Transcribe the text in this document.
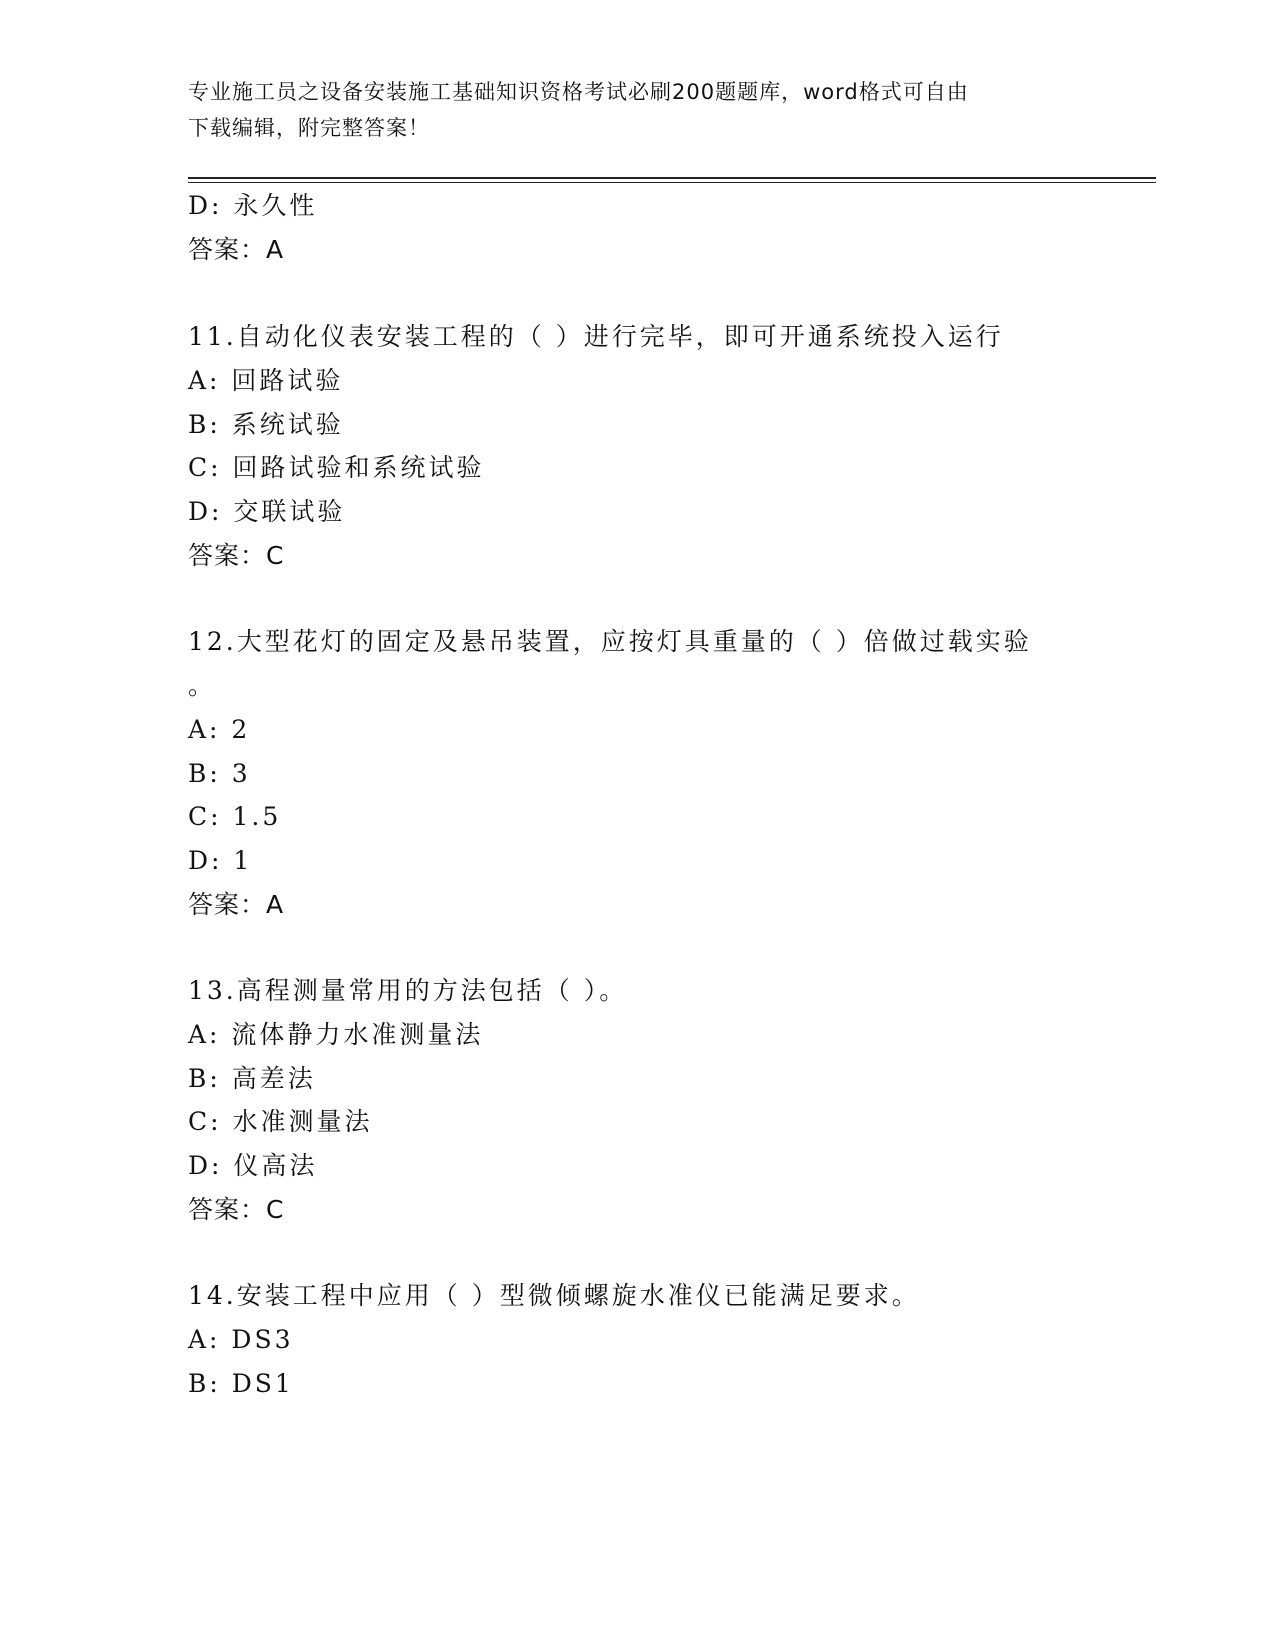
专业施工员之设备安装施工基础知识资格考试必刷200题题库，word格式可自由
下载编辑，附完整答案！
D: 永久性
答案：A
11.自动化仪表安装工程的（ ）进行完毕，即可开通系统投入运行
A: 回路试验
B: 系统试验
C: 回路试验和系统试验
D: 交联试验
答案：C
12.大型花灯的固定及悬吊装置，应按灯具重量的（ ）倍做过载实验
。
A: 2
B: 3
C: 1.5
D: 1
答案：A
13.高程测量常用的方法包括（ ）。
A: 流体静力水准测量法
B: 高差法
C: 水准测量法
D: 仪高法
答案：C
14.安装工程中应用（ ）型微倾螺旋水准仪已能满足要求。
A: DS3
B: DS1
